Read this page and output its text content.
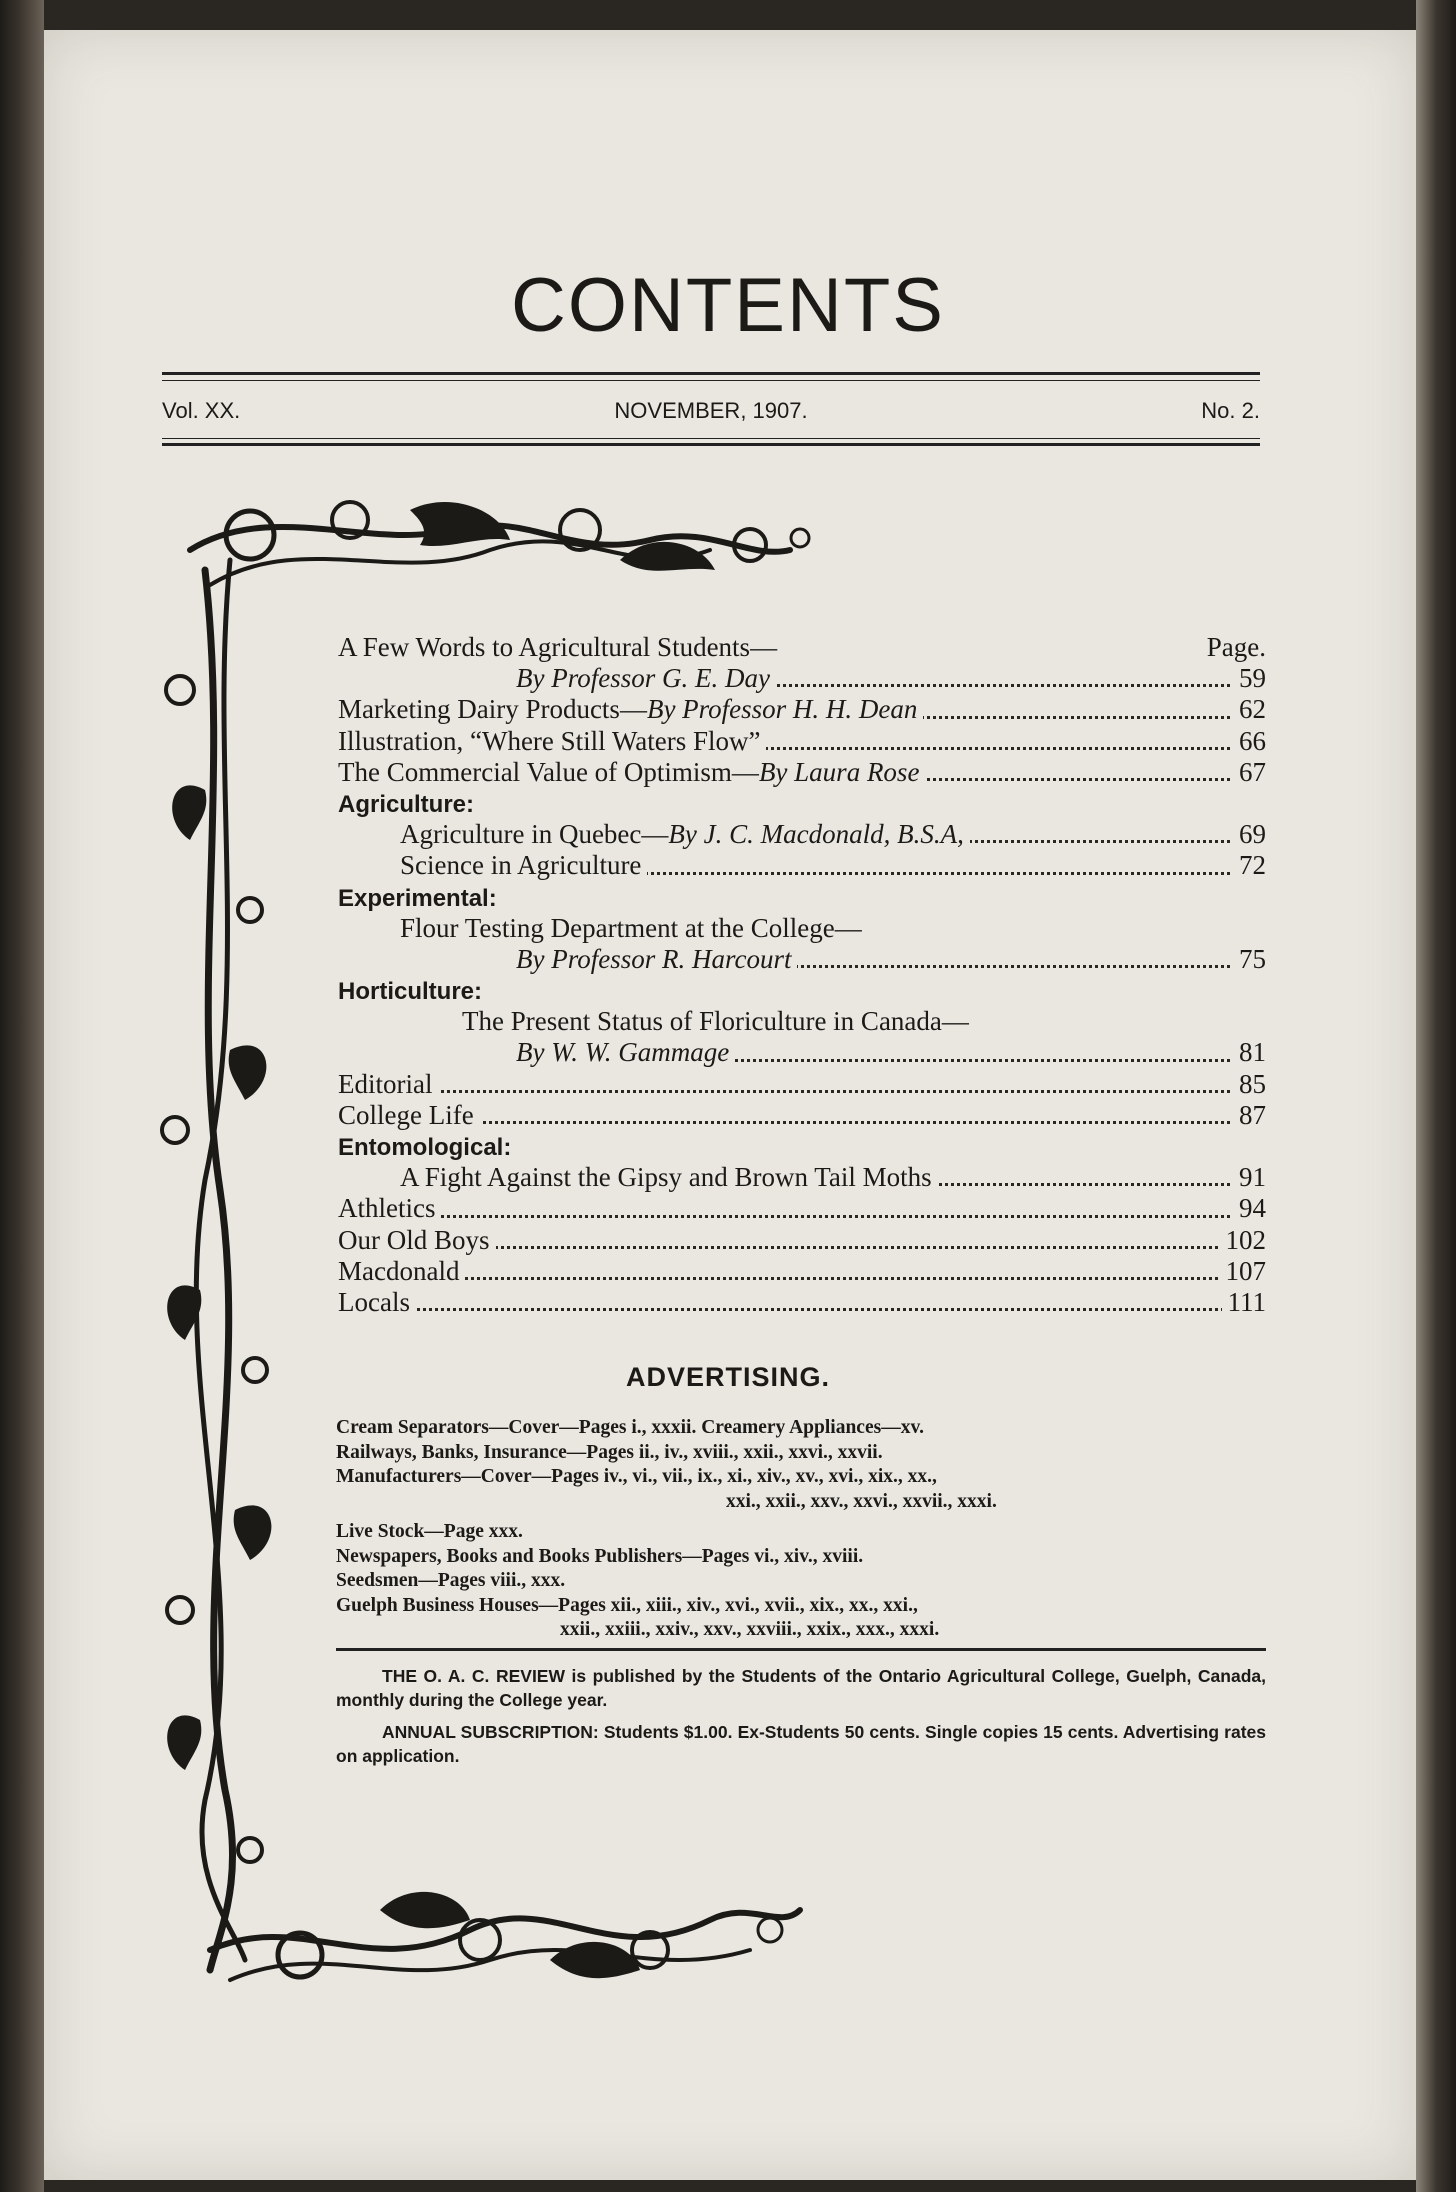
CONTENTS
Vol. XX.	NOVEMBER, 1907.	No. 2.
A Few Words to Agricultural Students—	Page.
By Professor G. E. Day	59
Marketing Dairy Products—By Professor H. H. Dean	62
Illustration, “Where Still Waters Flow”	66
The Commercial Value of Optimism—By Laura Rose	67
Agriculture:
Agriculture in Quebec—By J. C. Macdonald, B.S.A,	69
Science in Agriculture	72
Experimental:
Flour Testing Department at the College—
By Professor R. Harcourt	75
Horticulture:
The Present Status of Floriculture in Canada—
By W. W. Gammage	81
Editorial	85
College Life	87
Entomological:
A Fight Against the Gipsy and Brown Tail Moths	91
Athletics	94
Our Old Boys	102
Macdonald	107
Locals	111
ADVERTISING.
Cream Separators—Cover—Pages i., xxxii. Creamery Appliances—xv.
Railways, Banks, Insurance—Pages ii., iv., xviii., xxii., xxvi., xxvii.
Manufacturers—Cover—Pages iv., vi., vii., ix., xi., xiv., xv., xvi., xix., xx.,
xxi., xxii., xxv., xxvi., xxvii., xxxi.
Live Stock—Page xxx.
Newspapers, Books and Books Publishers—Pages vi., xiv., xviii.
Seedsmen—Pages viii., xxx.
Guelph Business Houses—Pages xii., xiii., xiv., xvi., xvii., xix., xx., xxi.,
xxii., xxiii., xxiv., xxv., xxviii., xxix., xxx., xxxi.

THE O. A. C. REVIEW is published by the Students of the Ontario Agricultural College, Guelph, Canada, monthly during the College year.

ANNUAL SUBSCRIPTION: Students $1.00. Ex-Students 50 cents. Single copies 15 cents. Advertising rates on application.
